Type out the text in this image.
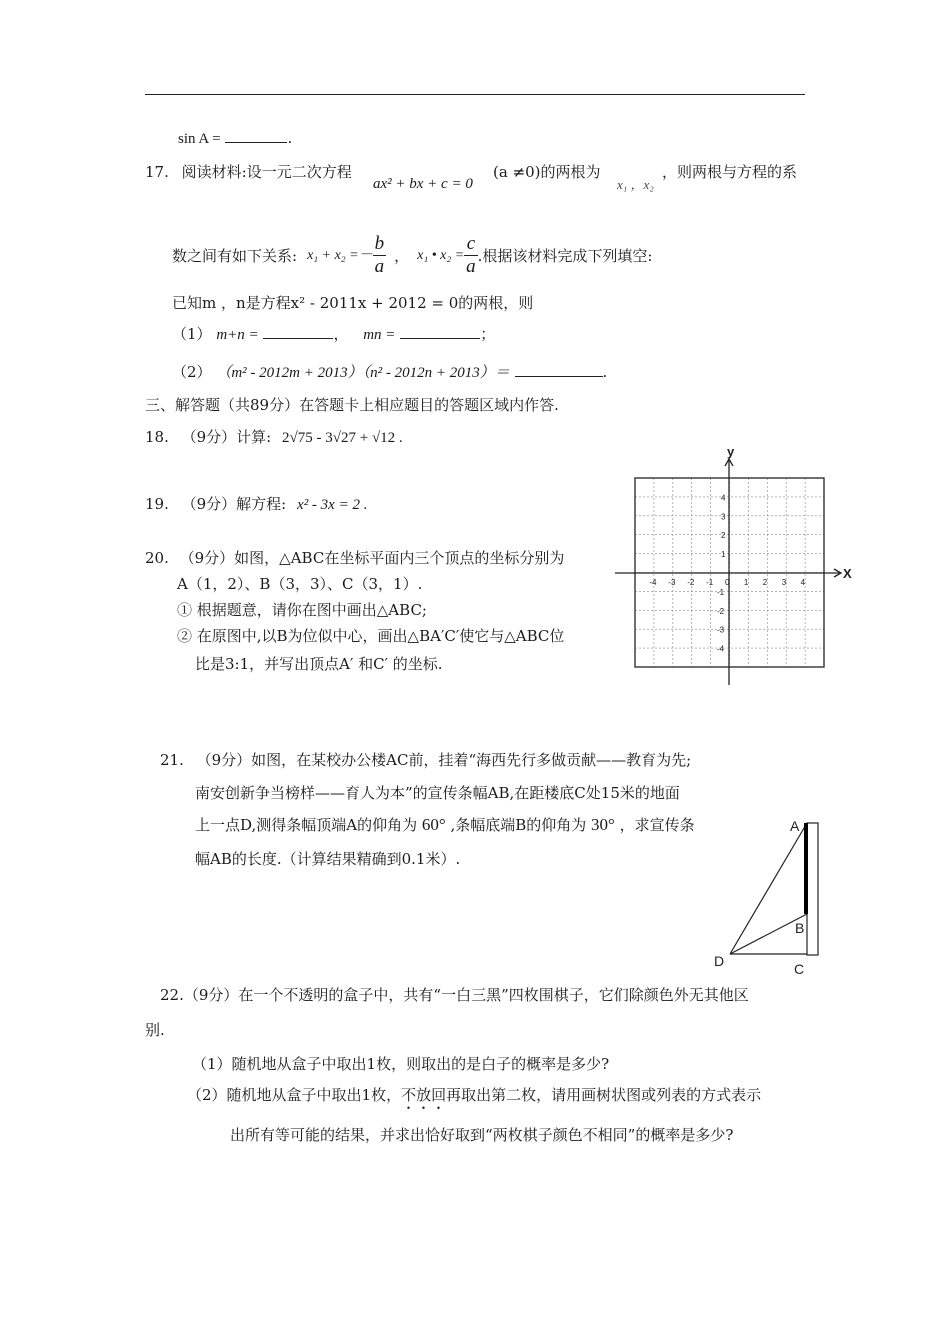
sin A =	.
17. 阅读材料:设一元二次方程
ax² + bx + c = 0
(a ≠0)的两根为
x₁ ，x₂
，则两根与方程的系
数之间有如下关系: $x_1 + x_2 =- \frac{b}{a}$ ， x₁ • $x_2 = \frac{c}{a}$ .根据该材料完成下列填空:
已知m ，n是方程x² - 2011x + 2012 = 0的两根，则
（1） m+n =	， mn =	；
（2） （m² - 2012m + 2013）（n² - 2012n + 2013）＝	.
三、解答题（共89分）在答题卡上相应题目的答题区域内作答.
18. （9分）计算: 2√75 - 3√27 + √12 .
19. （9分）解方程: x² - 3x = 2 .
20. （9分）如图，△ABC在坐标平面内三个顶点的坐标分别为
A（1，2）、B（3，3）、C（3，1）.
① 根据题意，请你在图中画出△ABC;
② 在原图中,以B为位似中心，画出△BA′C′使它与△ABC位
比是3:1，并写出顶点A′ 和C′ 的坐标.
y
X
-4 -3 -2 -1 0 1 2 3 4
4
3
2
1
-1
-2
-3
-4
21. （9分）如图，在某校办公楼AC前，挂着“海西先行多做贡献——教育为先;
南安创新争当榜样——育人为本”的宣传条幅AB,在距楼底C处15米的地面
上一点D,测得条幅顶端A的仰角为 60° ,条幅底端B的仰角为 30° ，求宣传条
幅AB的长度.（计算结果精确到0.1米）.
A
B
C
D
22.（9分）在一个不透明的盒子中，共有“一白三黑”四枚围棋子，它们除颜色外无其他区
别.
（1）随机地从盒子中取出1枚，则取出的是白子的概率是多少?
（2）随机地从盒子中取出1枚，不放回再取出第二枚，请用画树状图或列表的方式表示
出所有等可能的结果，并求出恰好取到“两枚棋子颜色不相同”的概率是多少?
